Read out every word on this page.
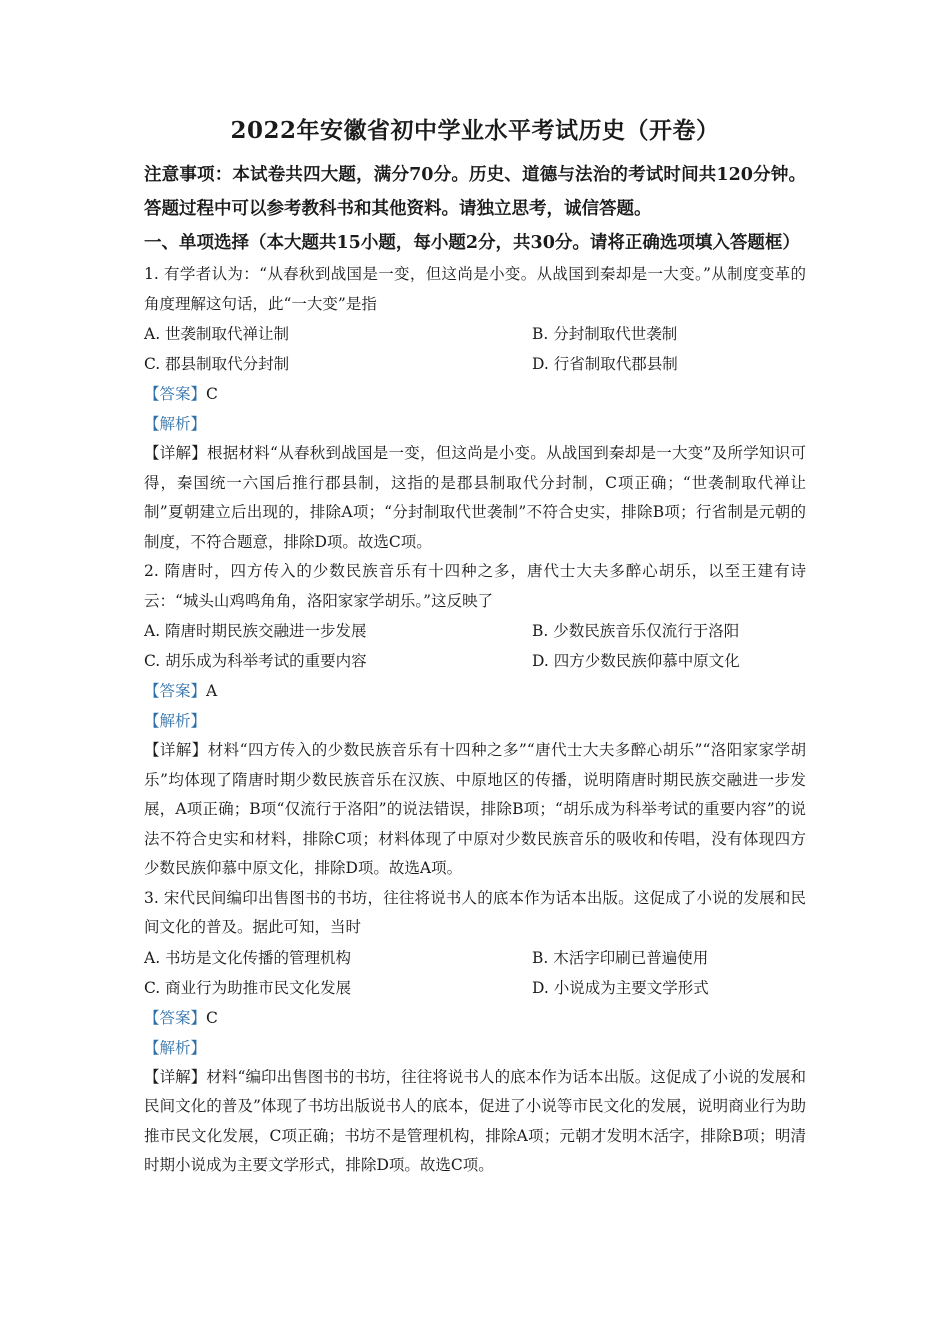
2022年安徽省初中学业水平考试历史（开卷）

注意事项：本试卷共四大题，满分70分。历史、道德与法治的考试时间共120分钟。答题过程中可以参考教科书和其他资料。请独立思考，诚信答题。

一、单项选择（本大题共15小题，每小题2分，共30分。请将正确选项填入答题框）

1. 有学者认为：“从春秋到战国是一变，但这尚是小变。从战国到秦却是一大变。”从制度变革的角度理解这句话，此“一大变”是指

A. 世袭制取代禅让制	B. 分封制取代世袭制
C. 郡县制取代分封制	D. 行省制取代郡县制
【答案】C
【解析】

【详解】根据材料“从春秋到战国是一变，但这尚是小变。从战国到秦却是一大变”及所学知识可得，秦国统一六国后推行郡县制，这指的是郡县制取代分封制，C项正确；“世袭制取代禅让制”夏朝建立后出现的，排除A项；“分封制取代世袭制”不符合史实，排除B项；行省制是元朝的制度，不符合题意，排除D项。故选C项。

2. 隋唐时，四方传入的少数民族音乐有十四种之多，唐代士大夫多醉心胡乐，以至王建有诗云：“城头山鸡鸣角角，洛阳家家学胡乐。”这反映了

A. 隋唐时期民族交融进一步发展	B. 少数民族音乐仅流行于洛阳
C. 胡乐成为科举考试的重要内容	D. 四方少数民族仰慕中原文化
【答案】A
【解析】

【详解】材料“四方传入的少数民族音乐有十四种之多”“唐代士大夫多醉心胡乐”“洛阳家家学胡乐”均体现了隋唐时期少数民族音乐在汉族、中原地区的传播，说明隋唐时期民族交融进一步发展，A项正确；B项“仅流行于洛阳”的说法错误，排除B项；“胡乐成为科举考试的重要内容”的说法不符合史实和材料，排除C项；材料体现了中原对少数民族音乐的吸收和传唱，没有体现四方少数民族仰慕中原文化，排除D项。故选A项。

3. 宋代民间编印出售图书的书坊，往往将说书人的底本作为话本出版。这促成了小说的发展和民间文化的普及。据此可知，当时

A. 书坊是文化传播的管理机构	B. 木活字印刷已普遍使用
C. 商业行为助推市民文化发展	D. 小说成为主要文学形式
【答案】C
【解析】

【详解】材料“编印出售图书的书坊，往往将说书人的底本作为话本出版。这促成了小说的发展和民间文化的普及”体现了书坊出版说书人的底本，促进了小说等市民文化的发展，说明商业行为助推市民文化发展，C项正确；书坊不是管理机构，排除A项；元朝才发明木活字，排除B项；明清时期小说成为主要文学形式，排除D项。故选C项。
